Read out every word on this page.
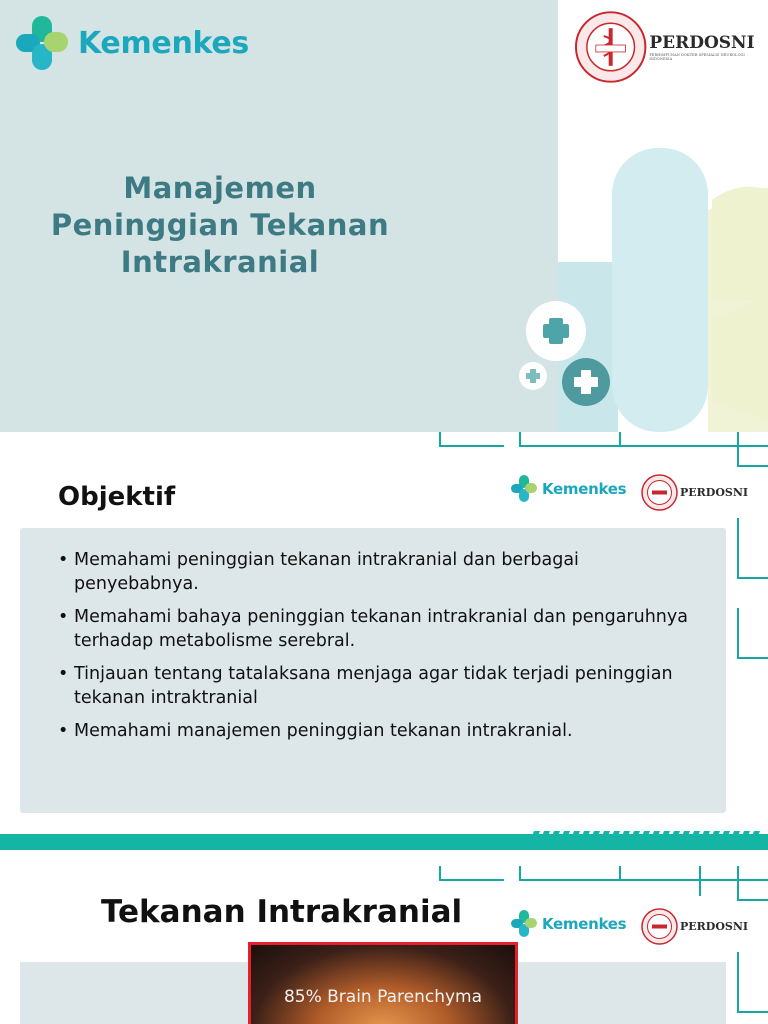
Kemenkes	PERDOSNI
PERHIMPUNAN DOKTER SPESIALIS NEUROLOGI INDONESIA
Manajemen
Peninggian Tekanan
Intrakranial
Objektif	Kemenkes	PERDOSNI
• Memahami peninggian tekanan intrakranial dan berbagai penyebabnya.
• Memahami bahaya peninggian tekanan intrakranial dan pengaruhnya terhadap metabolisme serebral.
• Tinjauan tentang tatalaksana menjaga agar tidak terjadi peninggian tekanan intraktranial
• Memahami manajemen peninggian tekanan intrakranial.
Tekanan Intrakranial	Kemenkes	PERDOSNI
85% Brain Parenchyma
